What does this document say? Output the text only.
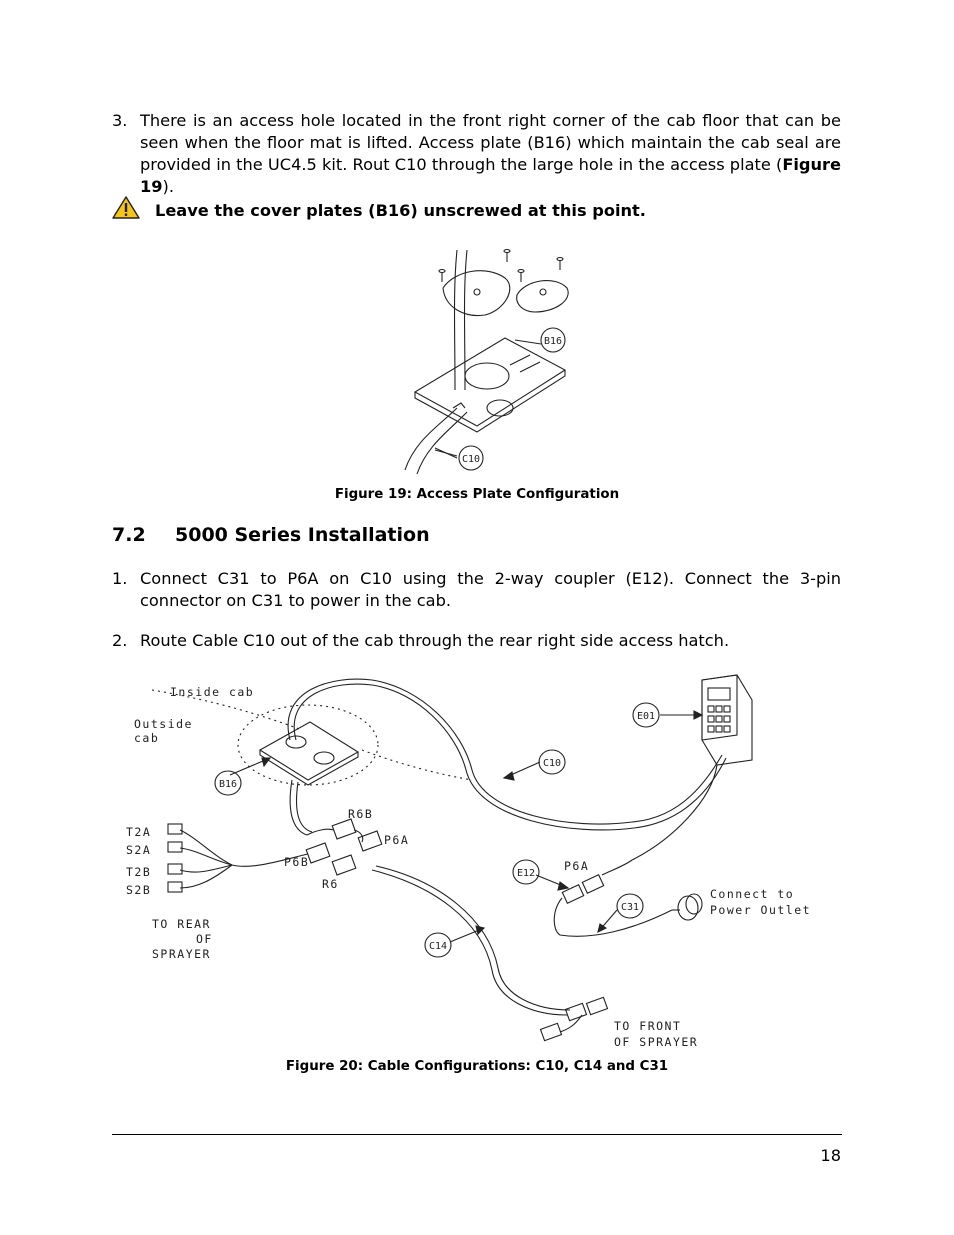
3. There is an access hole located in the front right corner of the cab floor that can be seen when the floor mat is lifted. Access plate (B16) which maintain the cab seal are provided in the UC4.5 kit. Rout C10 through the large hole in the access plate (Figure 19).
Leave the cover plates (B16) unscrewed at this point.
B16
C10
Figure 19: Access Plate Configuration
7.2 5000 Series Installation
1. Connect C31 to P6A on C10 using the 2-way coupler (E12). Connect the 3-pin connector on C31 to power in the cab.
2. Route Cable C10 out of the cab through the rear right side access hatch.
Inside cab
Outside
cab
R6B
P6A
P6B
R6
P6A
T2A
S2A
T2B
S2B
TO REAR
OF
SPRAYER
Connect to
Power Outlet
TO FRONT
OF SPRAYER
E01
C10
B16
E12
C31
C14
Figure 20: Cable Configurations: C10, C14 and C31
18
